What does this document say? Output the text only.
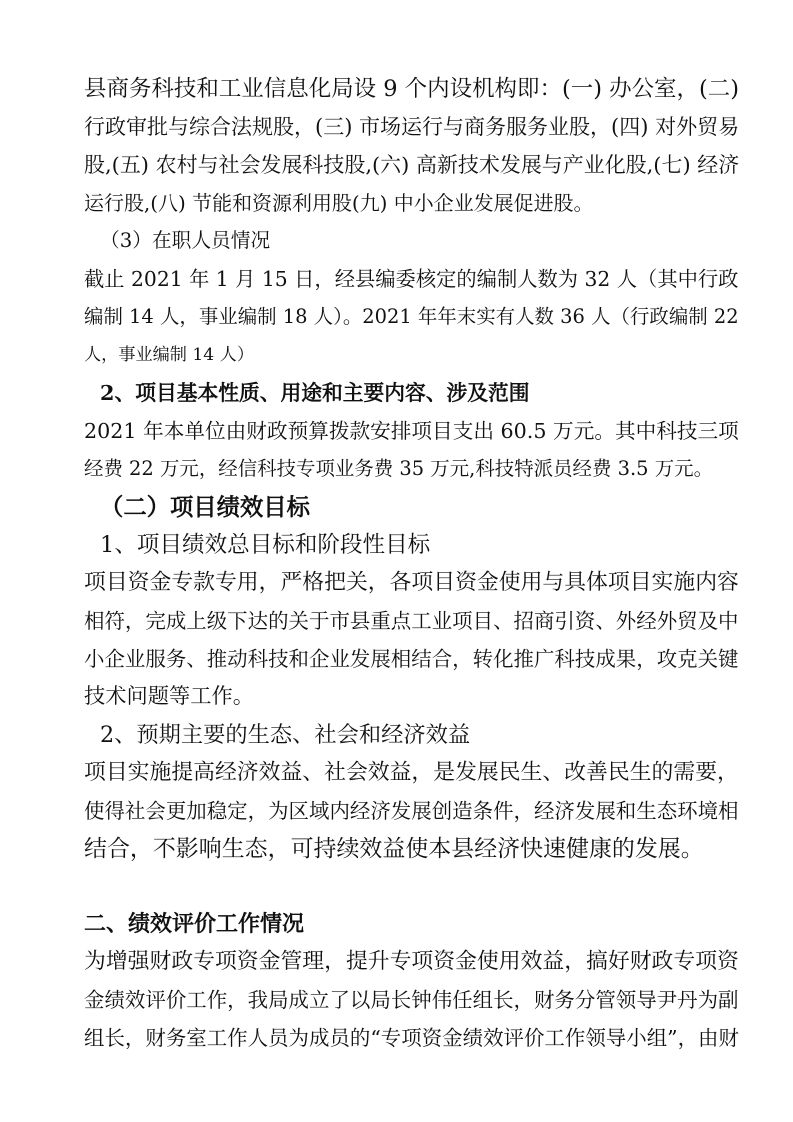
县商务科技和工业信息化局设 9 个内设机构即：(一) 办公室，(二)
行政审批与综合法规股，(三) 市场运行与商务服务业股，(四) 对外贸易
股,(五) 农村与社会发展科技股,(六) 高新技术发展与产业化股,(七) 经济
运行股,(八) 节能和资源利用股(九) 中小企业发展促进股。
（3）在职人员情况
截止 2021 年 1 月 15 日，经县编委核定的编制人数为 32 人（其中行政
编制 14 人，事业编制 18 人）。2021 年年末实有人数 36 人（行政编制 22
人，事业编制 14 人）
2、项目基本性质、用途和主要内容、涉及范围
2021 年本单位由财政预算拨款安排项目支出 60.5 万元。其中科技三项
经费 22 万元，经信科技专项业务费 35 万元,科技特派员经费 3.5 万元。
（二）项目绩效目标
1、项目绩效总目标和阶段性目标
项目资金专款专用，严格把关，各项目资金使用与具体项目实施内容
相符，完成上级下达的关于市县重点工业项目、招商引资、外经外贸及中
小企业服务、推动科技和企业发展相结合，转化推广科技成果，攻克关键
技术问题等工作。
2、预期主要的生态、社会和经济效益
项目实施提高经济效益、社会效益，是发展民生、改善民生的需要，
使得社会更加稳定，为区域内经济发展创造条件，经济发展和生态环境相
结合，不影响生态，可持续效益使本县经济快速健康的发展。
二、绩效评价工作情况
为增强财政专项资金管理，提升专项资金使用效益，搞好财政专项资
金绩效评价工作，我局成立了以局长钟伟任组长，财务分管领导尹丹为副
组长，财务室工作人员为成员的“专项资金绩效评价工作领导小组”，由财
